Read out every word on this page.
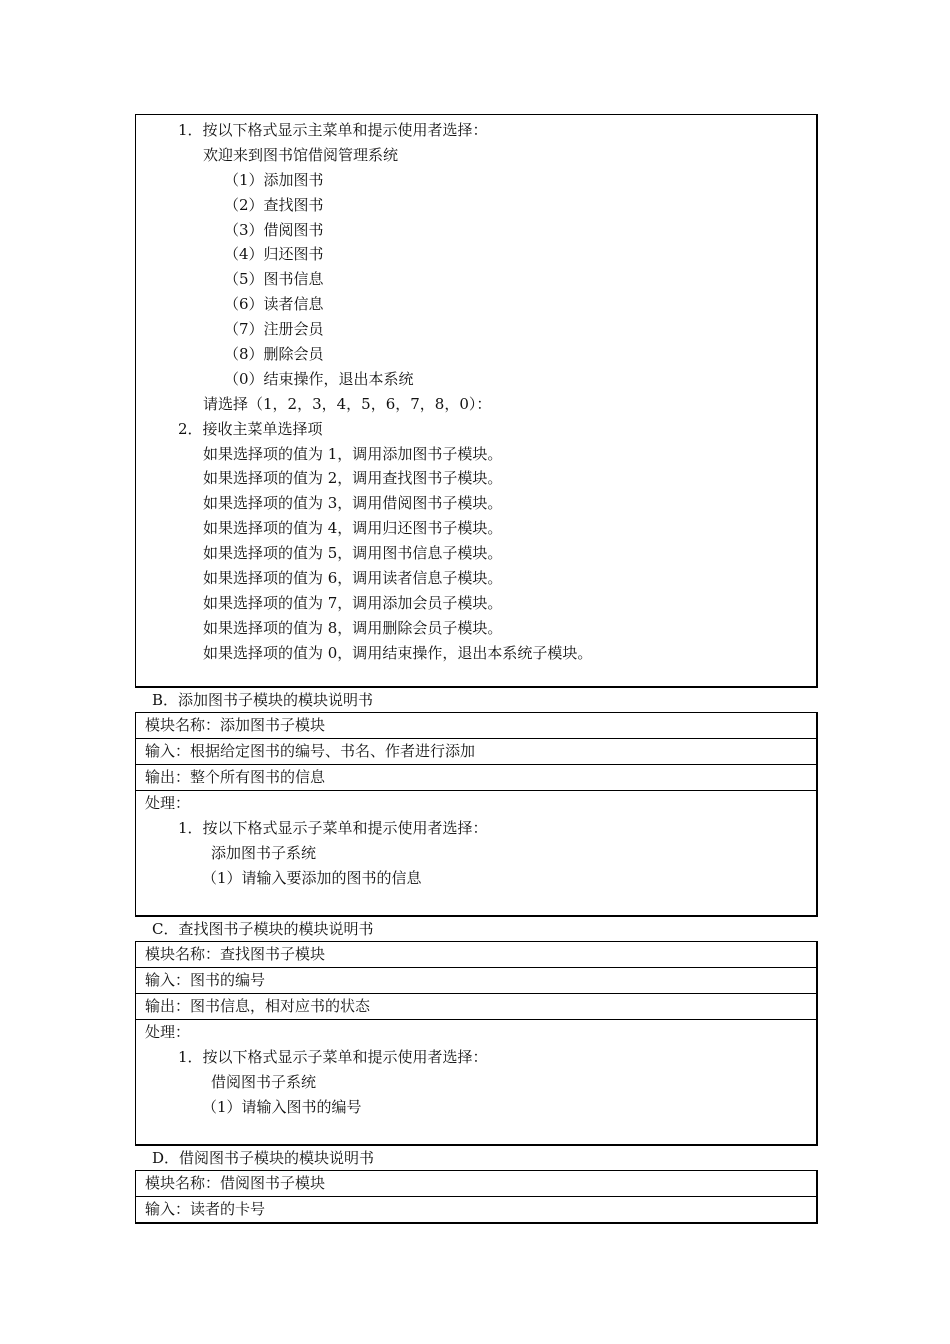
1．按以下格式显示主菜单和提示使用者选择：
欢迎来到图书馆借阅管理系统
（1）添加图书
（2）查找图书
（3）借阅图书
（4）归还图书
（5）图书信息
（6）读者信息
（7）注册会员
（8）删除会员
（0）结束操作，退出本系统
请选择（1，2，3，4，5，6，7，8，0）：
2．接收主菜单选择项
如果选择项的值为 1，调用添加图书子模块。
如果选择项的值为 2，调用查找图书子模块。
如果选择项的值为 3，调用借阅图书子模块。
如果选择项的值为 4，调用归还图书子模块。
如果选择项的值为 5，调用图书信息子模块。
如果选择项的值为 6，调用读者信息子模块。
如果选择项的值为 7，调用添加会员子模块。
如果选择项的值为 8，调用删除会员子模块。
如果选择项的值为 0，调用结束操作，退出本系统子模块。
B．添加图书子模块的模块说明书
模块名称：添加图书子模块
输入：根据给定图书的编号、书名、作者进行添加
输出：整个所有图书的信息

处理：
1．按以下格式显示子菜单和提示使用者选择：
添加图书子系统
（1）请输入要添加的图书的信息
C．查找图书子模块的模块说明书
模块名称：查找图书子模块
输入：图书的编号
输出：图书信息，相对应书的状态

处理：
1．按以下格式显示子菜单和提示使用者选择：
借阅图书子系统
（1）请输入图书的编号
D．借阅图书子模块的模块说明书
模块名称：借阅图书子模块
输入：读者的卡号
